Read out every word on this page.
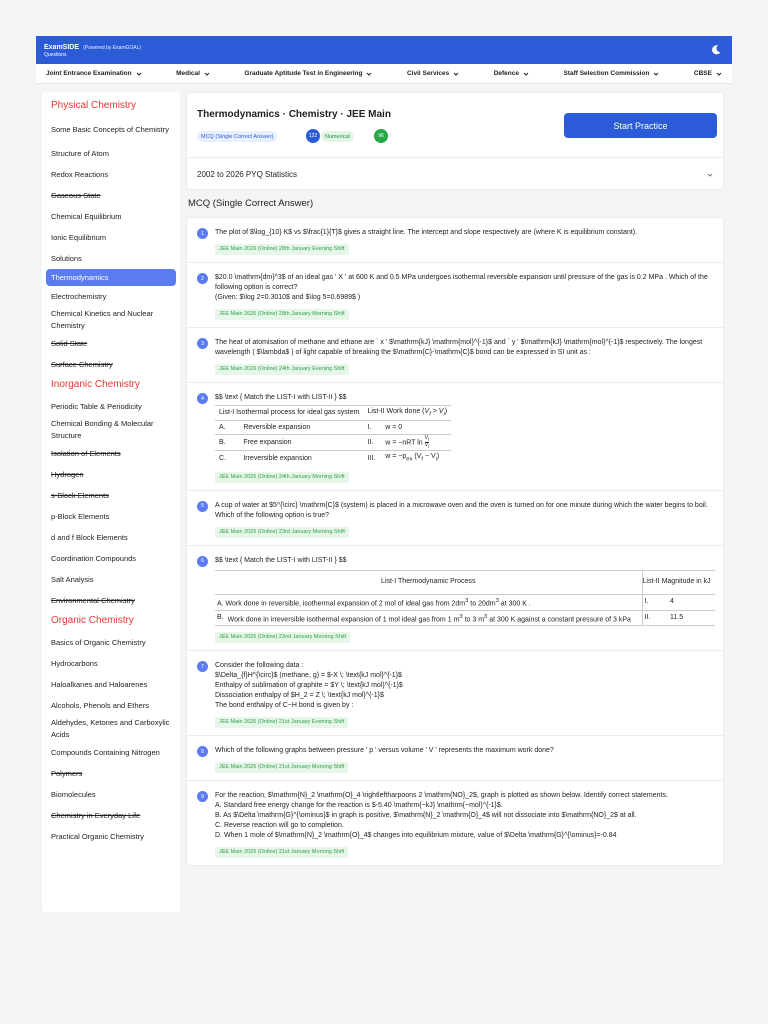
ExamSIDE (Powered by ExamGOAL)
Questions
Joint Entrance Examination	Medical	Graduate Aptitude Test in Engineering	Civil Services	Defence	Staff Selection Commission	CBSE
Physical Chemistry
Some Basic Concepts of Chemistry
Structure of Atom
Redox Reactions
Gaseous State
Chemical Equilibrium
Ionic Equilibrium
Solutions
Thermodynamics
Electrochemistry
Chemical Kinetics and Nuclear Chemistry
Solid State
Surface Chemistry
Inorganic Chemistry
Periodic Table & Periodicity
Chemical Bonding & Molecular Structure
Isolation of Elements
Hydrogen
s-Block Elements
p-Block Elements
d and f Block Elements
Coordination Compounds
Salt Analysis
Environmental Chemistry
Organic Chemistry
Basics of Organic Chemistry
Hydrocarbons
Haloalkanes and Haloarenes
Alcohols, Phenols and Ethers
Aldehydes, Ketones and Carboxylic Acids
Compounds Containing Nitrogen
Polymers
Biomolecules
Chemistry in Everyday Life
Practical Organic Chemistry
Thermodynamics · Chemistry · JEE Main
MCQ (Single Correct Answer)	122	Numerical	96
Start Practice
2002 to 2026 PYQ Statistics
MCQ (Single Correct Answer)
1	The plot of $\log_{10} K$ vs $\frac{1}{T}$ gives a straight line. The intercept and slope respectively are (where K is equilibrium constant).
JEE Main 2026 (Online) 28th January Evening Shift
2	$20.0 \mathrm{dm}^3$ of an ideal gas ' X ' at 600 K and 0.5 MPa undergoes isothermal reversible expansion until pressure of the gas is 0.2 MPa . Which of the following option is correct?
(Given: $\log 2=0.3010$ and $\log 5=0.6989$ )
JEE Main 2026 (Online) 28th January Morning Shift
3	The heat of atomisation of methane and ethane are ` x ' $\mathrm{kJ} \mathrm{mol}^{-1}$ and ` y ' $\mathrm{kJ} \mathrm{mol}^{-1}$ respectively. The longest wavelength ( $\lambda$ ) of light capable of breaking the $\mathrm{C}-\mathrm{C}$ bond can be expressed in SI unit as :
JEE Main 2026 (Online) 24th January Evening Shift
4	$$ \text { Match the LIST-I with LIST-II } $$
List-I Isothermal process for ideal gas system		List-II Work done $(V_f > V_i)$	
A.	Reversible expansion	I.	w = 0
B.	Free expansion	II.	w = −nRT $\ln \frac{V_f}{V_i}$

C.	Irreversible expansion	III.	$w = -p_{ex}$ $(V_f - V_i)$
JEE Main 2026 (Online) 24th January Morning Shift
5	A cup of water at $5^{\circ} \mathrm{C}$ (system) is placed in a microwave oven and the oven is turned on for one minute during which the water begins to boil. Which of the following option is true?
JEE Main 2026 (Online) 23rd January Morning Shift
6	$$ \text { Match the LIST-I with LIST-II } $$
List-I Thermodynamic Process		List-II Magnitude in kJ	
A. Work done in reversible, isothermal expansion of 2 mol of ideal gas from $2dm^3$ to $20dm^3$ at 300 K .		I.	4
B.	Work done in irreversible isothermal expansion of 1 mol ideal gas from 1 $m^3$ to 3 $m^3$ at 300 K against a constant pressure of 3 kPa	II.	11.5
JEE Main 2026 (Online) 22nd January Morning Shift
7	Consider the following data :
$\Delta_{f}H^{\circ}$ (methane, g) = $-X \; \text{kJ mol}^{-1}$
Enthalpy of sublimation of graphite = $Y \; \text{kJ mol}^{-1}$
Dissociation enthalpy of $H_2 = Z \; \text{kJ mol}^{-1}$
The bond enthalpy of C−H bond is given by :
JEE Main 2026 (Online) 21st January Evening Shift
8	Which of the following graphs between pressure ' p ' versus volume ' V ' represents the maximum work done?
JEE Main 2026 (Online) 21st January Morning Shift
9	For the reaction, $\mathrm{N}_2 \mathrm{O}_4 \rightleftharpoons 2 \mathrm{NO}_2$, graph is plotted as shown below. Identify correct statements.
A. Standard free energy change for the reaction is $-5.40 \mathrm{~kJ} \mathrm{~mol}^{-1}$.
B. As $\Delta \mathrm{G}^{\ominus}$ in graph is positive, $\mathrm{N}_2 \mathrm{O}_4$ will not dissociate into $\mathrm{NO}_2$ at all.
C. Reverse reaction will go to completion.
D. When 1 mole of $\mathrm{N}_2 \mathrm{O}_4$ changes into equilibrium mixture, value of $\Delta \mathrm{G}^{\ominus}=-0.84
JEE Main 2026 (Online) 21st January Morning Shift
